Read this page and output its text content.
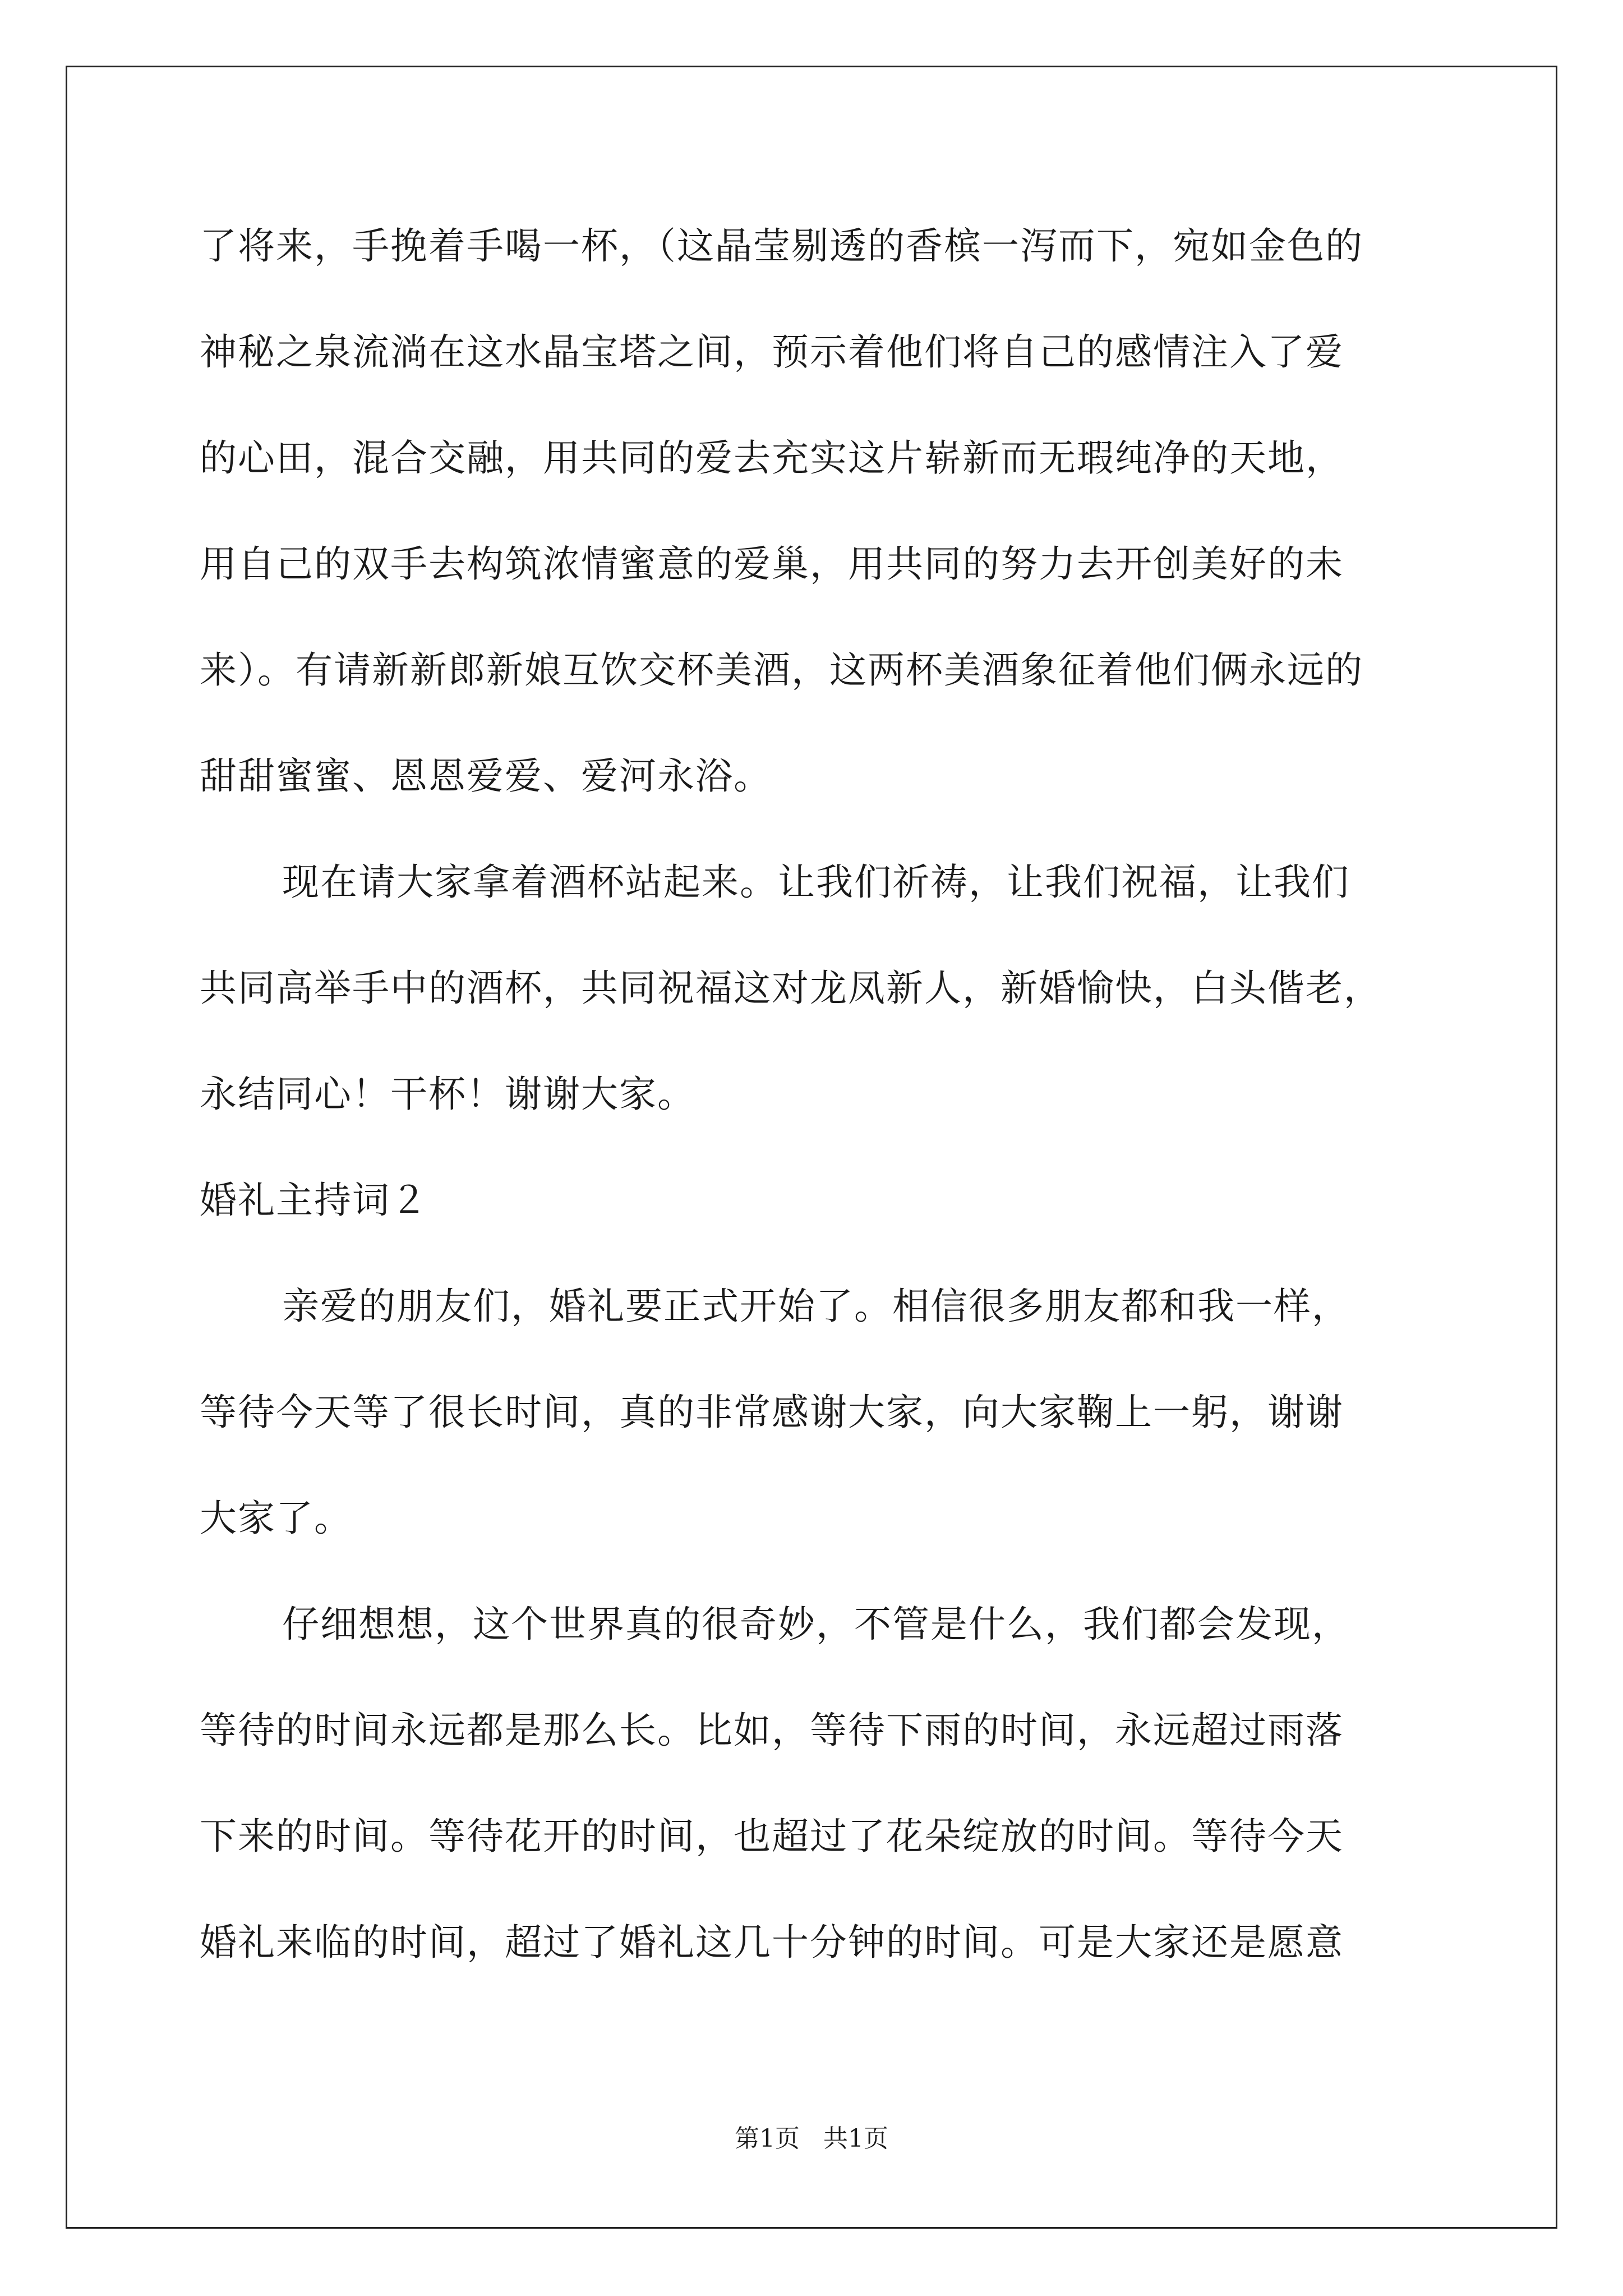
了将来，手挽着手喝一杯，（这晶莹剔透的香槟一泻而下，宛如金色的
神秘之泉流淌在这水晶宝塔之间，预示着他们将自己的感情注入了爱
的心田，混合交融，用共同的爱去充实这片崭新而无瑕纯净的天地，
用自己的双手去构筑浓情蜜意的爱巢，用共同的努力去开创美好的未
来）。有请新新郎新娘互饮交杯美酒，这两杯美酒象征着他们俩永远的
甜甜蜜蜜、恩恩爱爱、爱河永浴。
现在请大家拿着酒杯站起来。让我们祈祷，让我们祝福，让我们
共同高举手中的酒杯，共同祝福这对龙凤新人，新婚愉快，白头偕老，
永结同心！干杯！谢谢大家。
婚礼主持词２
亲爱的朋友们，婚礼要正式开始了。相信很多朋友都和我一样，
等待今天等了很长时间，真的非常感谢大家，向大家鞠上一躬，谢谢
大家了。
仔细想想，这个世界真的很奇妙，不管是什么，我们都会发现，
等待的时间永远都是那么长。比如，等待下雨的时间，永远超过雨落
下来的时间。等待花开的时间，也超过了花朵绽放的时间。等待今天
婚礼来临的时间，超过了婚礼这几十分钟的时间。可是大家还是愿意
第1页   共1页
